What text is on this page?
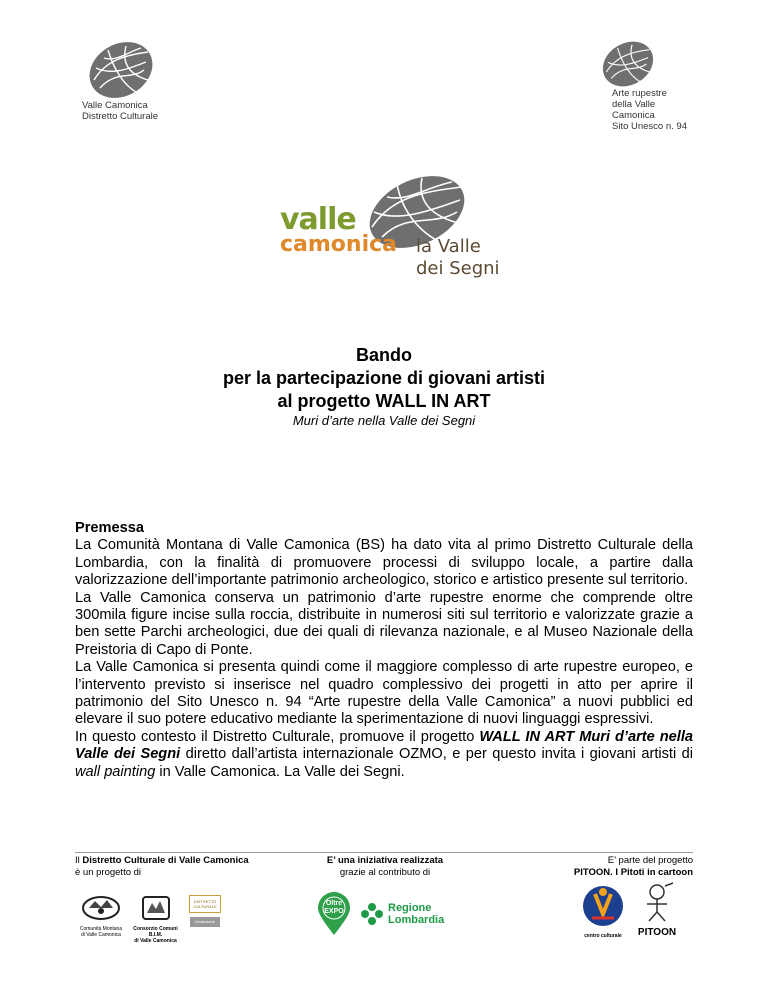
Valle Camonica
Distretto Culturale
Arte rupestre
della Valle Camonica
Sito Unesco n. 94
valle
camonica la Valle
dei Segni
Bando
per la partecipazione di giovani artisti
al progetto WALL IN ART
Muri d’arte nella Valle dei Segni

Premessa

La Comunità Montana di Valle Camonica (BS) ha dato vita al primo Distretto Culturale della Lombardia, con la finalità di promuovere processi di sviluppo locale, a partire dalla valorizzazione dell’importante patrimonio archeologico, storico e artistico presente sul territorio.

La Valle Camonica conserva un patrimonio d’arte rupestre enorme che comprende oltre 300mila figure incise sulla roccia, distribuite in numerosi siti sul territorio e valorizzate grazie a ben sette Parchi archeologici, due dei quali di rilevanza nazionale, e al Museo Nazionale della Preistoria di Capo di Ponte.

La Valle Camonica si presenta quindi come il maggiore complesso di arte rupestre europeo, e l’intervento previsto si inserisce nel quadro complessivo dei progetti in atto per aprire il patrimonio del Sito Unesco n. 94 “Arte rupestre della Valle Camonica” a nuovi pubblici ed elevare il suo potere educativo mediante la sperimentazione di nuovi linguaggi espressivi.

In questo contesto il Distretto Culturale, promuove il progetto WALL IN ART Muri d’arte nella Valle dei Segni diretto dall’artista internazionale OZMO, e per questo invita i giovani artisti di wall painting in Valle Camonica. La Valle dei Segni.

Il Distretto Culturale di Valle Camonica
è un progetto di
E’ una iniziativa realizzata
grazie al contributo di
E’ parte del progetto
PITOON. I Pitoti in cartoon
Comunità Montana
di Valle Camonica
Consorzio Comuni B.I.M.
di Valle Camonica
DISTRETTO
CULTURALE
fondazione
Oltre
EXPO	Regione
Lombardia
centro culturale	PITOON
